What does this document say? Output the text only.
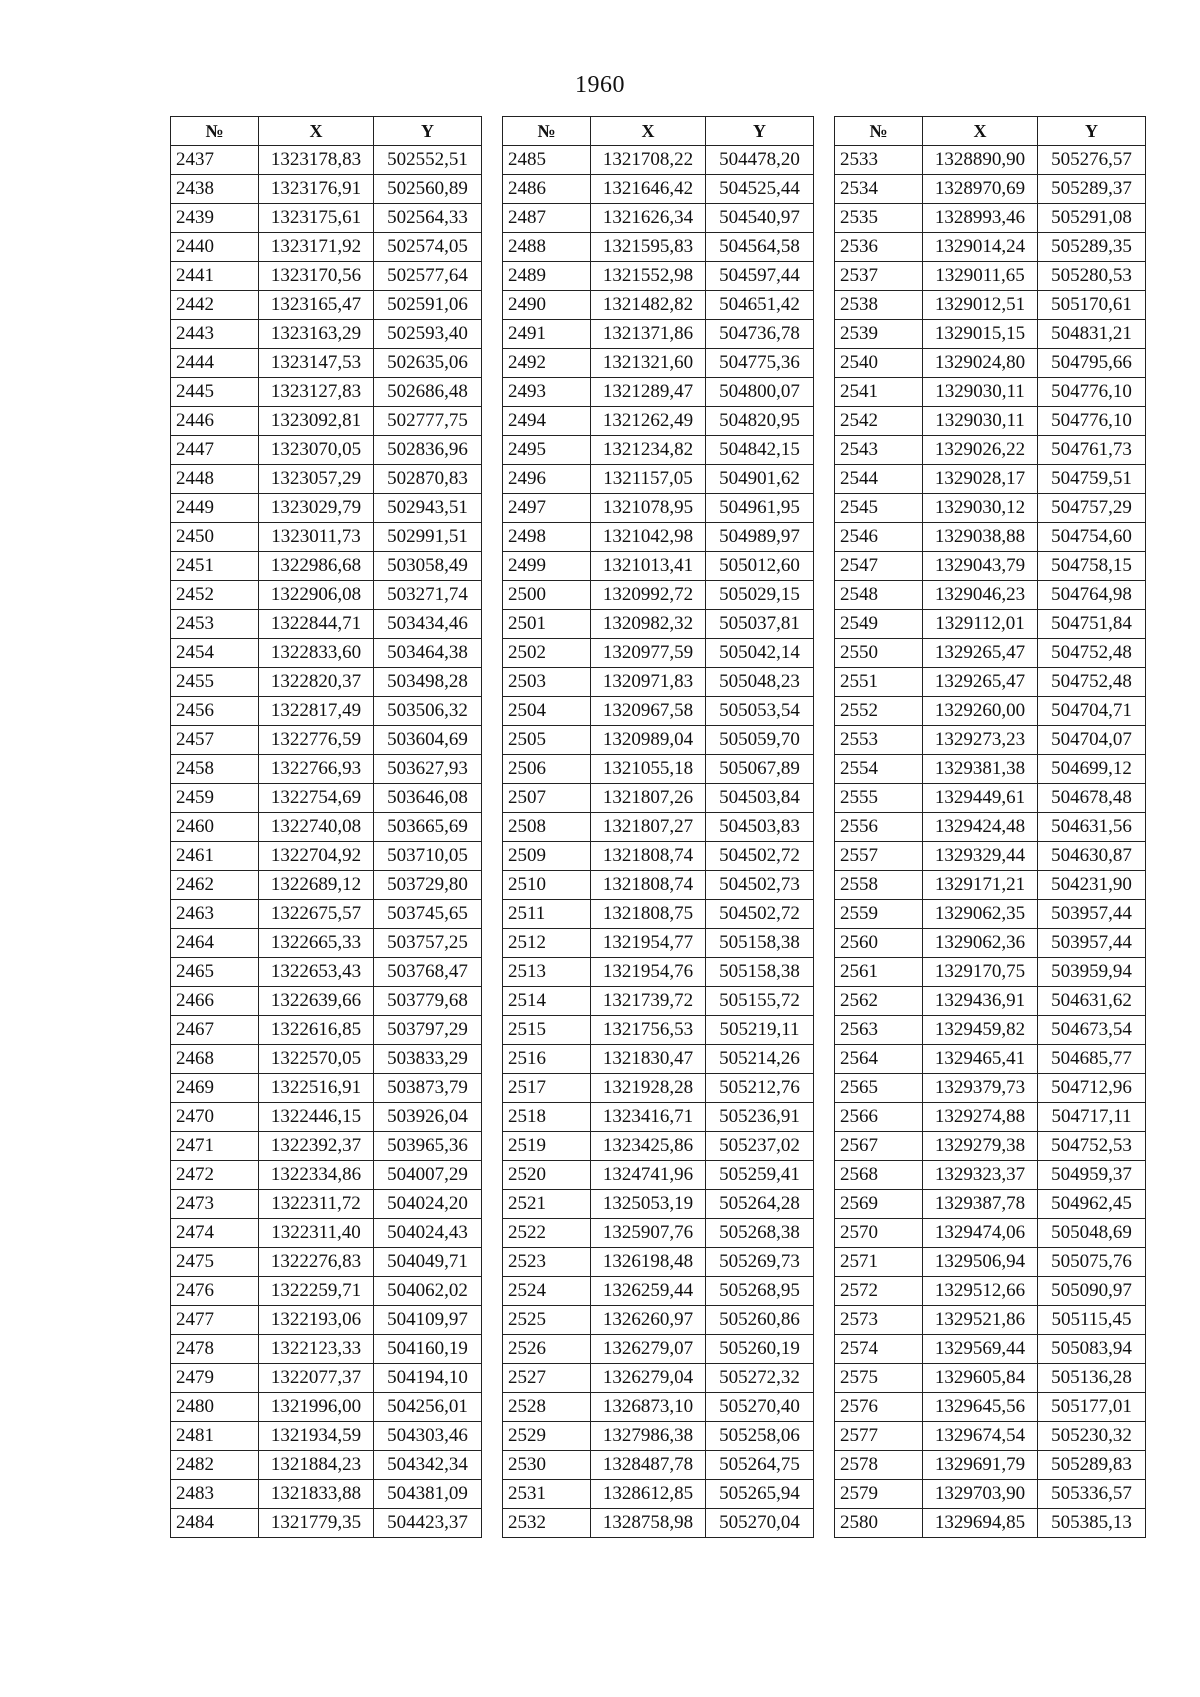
1960
№	X	Y
2437	1323178,83	502552,51
2438	1323176,91	502560,89
2439	1323175,61	502564,33
2440	1323171,92	502574,05
2441	1323170,56	502577,64
2442	1323165,47	502591,06
2443	1323163,29	502593,40
2444	1323147,53	502635,06
2445	1323127,83	502686,48
2446	1323092,81	502777,75
2447	1323070,05	502836,96
2448	1323057,29	502870,83
2449	1323029,79	502943,51
2450	1323011,73	502991,51
2451	1322986,68	503058,49
2452	1322906,08	503271,74
2453	1322844,71	503434,46
2454	1322833,60	503464,38
2455	1322820,37	503498,28
2456	1322817,49	503506,32
2457	1322776,59	503604,69
2458	1322766,93	503627,93
2459	1322754,69	503646,08
2460	1322740,08	503665,69
2461	1322704,92	503710,05
2462	1322689,12	503729,80
2463	1322675,57	503745,65
2464	1322665,33	503757,25
2465	1322653,43	503768,47
2466	1322639,66	503779,68
2467	1322616,85	503797,29
2468	1322570,05	503833,29
2469	1322516,91	503873,79
2470	1322446,15	503926,04
2471	1322392,37	503965,36
2472	1322334,86	504007,29
2473	1322311,72	504024,20
2474	1322311,40	504024,43
2475	1322276,83	504049,71
2476	1322259,71	504062,02
2477	1322193,06	504109,97
2478	1322123,33	504160,19
2479	1322077,37	504194,10
2480	1321996,00	504256,01
2481	1321934,59	504303,46
2482	1321884,23	504342,34
2483	1321833,88	504381,09
2484	1321779,35	504423,37
№	X	Y
2485	1321708,22	504478,20
2486	1321646,42	504525,44
2487	1321626,34	504540,97
2488	1321595,83	504564,58
2489	1321552,98	504597,44
2490	1321482,82	504651,42
2491	1321371,86	504736,78
2492	1321321,60	504775,36
2493	1321289,47	504800,07
2494	1321262,49	504820,95
2495	1321234,82	504842,15
2496	1321157,05	504901,62
2497	1321078,95	504961,95
2498	1321042,98	504989,97
2499	1321013,41	505012,60
2500	1320992,72	505029,15
2501	1320982,32	505037,81
2502	1320977,59	505042,14
2503	1320971,83	505048,23
2504	1320967,58	505053,54
2505	1320989,04	505059,70
2506	1321055,18	505067,89
2507	1321807,26	504503,84
2508	1321807,27	504503,83
2509	1321808,74	504502,72
2510	1321808,74	504502,73
2511	1321808,75	504502,72
2512	1321954,77	505158,38
2513	1321954,76	505158,38
2514	1321739,72	505155,72
2515	1321756,53	505219,11
2516	1321830,47	505214,26
2517	1321928,28	505212,76
2518	1323416,71	505236,91
2519	1323425,86	505237,02
2520	1324741,96	505259,41
2521	1325053,19	505264,28
2522	1325907,76	505268,38
2523	1326198,48	505269,73
2524	1326259,44	505268,95
2525	1326260,97	505260,86
2526	1326279,07	505260,19
2527	1326279,04	505272,32
2528	1326873,10	505270,40
2529	1327986,38	505258,06
2530	1328487,78	505264,75
2531	1328612,85	505265,94
2532	1328758,98	505270,04
№	X	Y
2533	1328890,90	505276,57
2534	1328970,69	505289,37
2535	1328993,46	505291,08
2536	1329014,24	505289,35
2537	1329011,65	505280,53
2538	1329012,51	505170,61
2539	1329015,15	504831,21
2540	1329024,80	504795,66
2541	1329030,11	504776,10
2542	1329030,11	504776,10
2543	1329026,22	504761,73
2544	1329028,17	504759,51
2545	1329030,12	504757,29
2546	1329038,88	504754,60
2547	1329043,79	504758,15
2548	1329046,23	504764,98
2549	1329112,01	504751,84
2550	1329265,47	504752,48
2551	1329265,47	504752,48
2552	1329260,00	504704,71
2553	1329273,23	504704,07
2554	1329381,38	504699,12
2555	1329449,61	504678,48
2556	1329424,48	504631,56
2557	1329329,44	504630,87
2558	1329171,21	504231,90
2559	1329062,35	503957,44
2560	1329062,36	503957,44
2561	1329170,75	503959,94
2562	1329436,91	504631,62
2563	1329459,82	504673,54
2564	1329465,41	504685,77
2565	1329379,73	504712,96
2566	1329274,88	504717,11
2567	1329279,38	504752,53
2568	1329323,37	504959,37
2569	1329387,78	504962,45
2570	1329474,06	505048,69
2571	1329506,94	505075,76
2572	1329512,66	505090,97
2573	1329521,86	505115,45
2574	1329569,44	505083,94
2575	1329605,84	505136,28
2576	1329645,56	505177,01
2577	1329674,54	505230,32
2578	1329691,79	505289,83
2579	1329703,90	505336,57
2580	1329694,85	505385,13
